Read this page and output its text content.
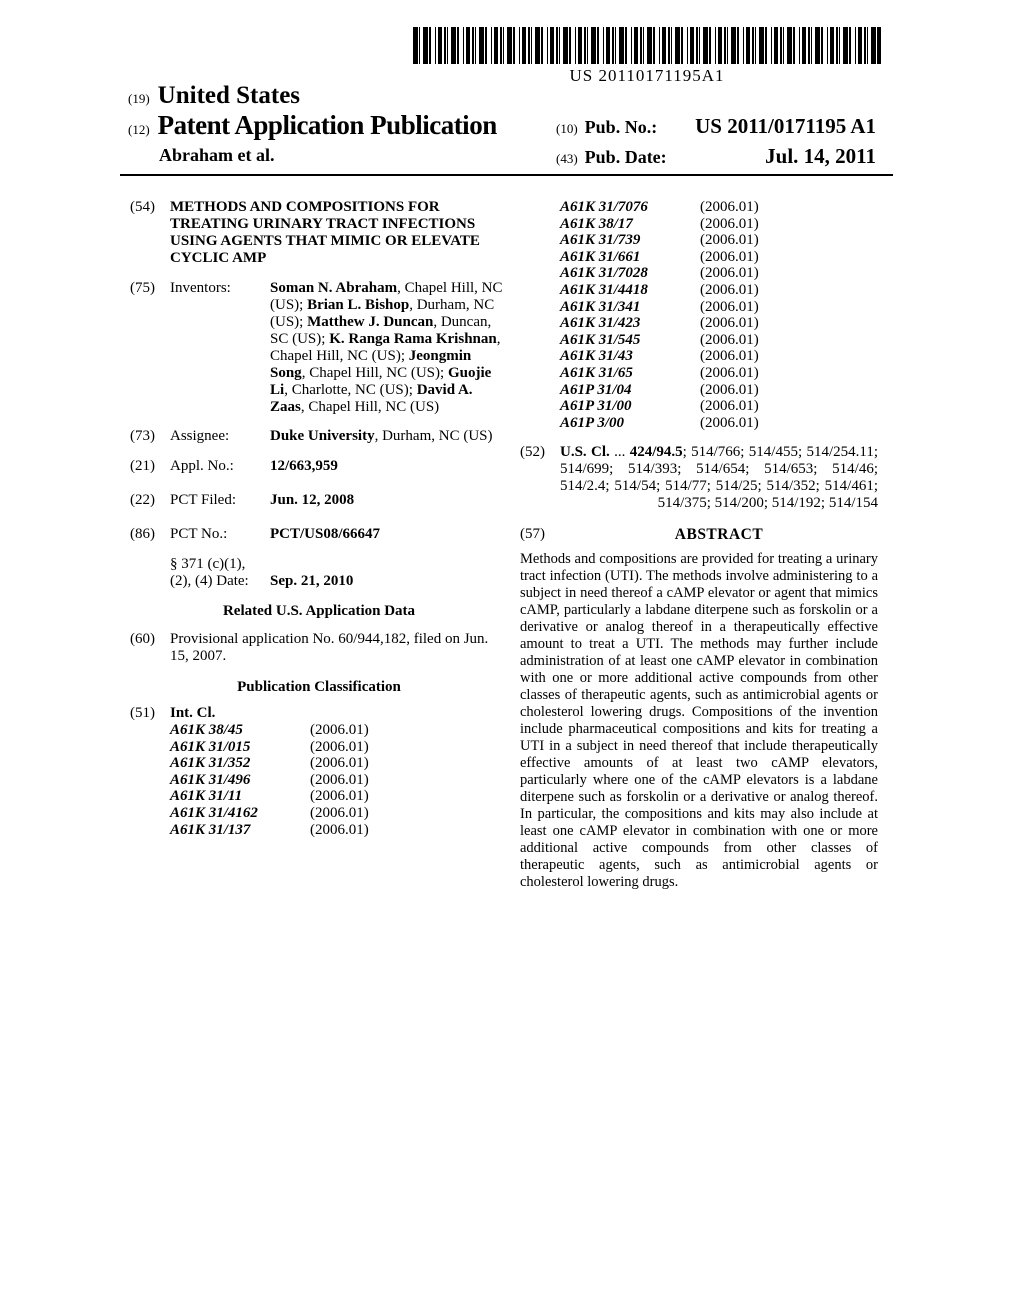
US 20110171195A1
(19) United States
(12) Patent Application Publication
Abraham et al.
(10) Pub. No.: US 2011/0171195 A1
(43) Pub. Date:	Jul. 14, 2011
(54)	METHODS AND COMPOSITIONS FOR TREATING URINARY TRACT INFECTIONS USING AGENTS THAT MIMIC OR ELEVATE CYCLIC AMP
(75)	Inventors:	Soman N. Abraham, Chapel Hill, NC (US); Brian L. Bishop, Durham, NC (US); Matthew J. Duncan, Duncan, SC (US); K. Ranga Rama Krishnan, Chapel Hill, NC (US); Jeongmin Song, Chapel Hill, NC (US); Guojie Li, Charlotte, NC (US); David A. Zaas, Chapel Hill, NC (US)
(73)	Assignee:	Duke University, Durham, NC (US)
(21)	Appl. No.:	12/663,959
(22)	PCT Filed:	Jun. 12, 2008
(86)	PCT No.:	PCT/US08/66647
§ 371 (c)(1),
(2), (4) Date:	Sep. 21, 2010
Related U.S. Application Data
(60)	Provisional application No. 60/944,182, filed on Jun. 15, 2007.
Publication Classification
(51)	Int. Cl.
A61K 38/45	(2006.01)
A61K 31/015	(2006.01)
A61K 31/352	(2006.01)
A61K 31/496	(2006.01)
A61K 31/11	(2006.01)
A61K 31/4162	(2006.01)
A61K 31/137	(2006.01)
A61K 31/7076	(2006.01)
A61K 38/17	(2006.01)
A61K 31/739	(2006.01)
A61K 31/661	(2006.01)
A61K 31/7028	(2006.01)
A61K 31/4418	(2006.01)
A61K 31/341	(2006.01)
A61K 31/423	(2006.01)
A61K 31/545	(2006.01)
A61K 31/43	(2006.01)
A61K 31/65	(2006.01)
A61P 31/04	(2006.01)
A61P 31/00	(2006.01)
A61P 3/00	(2006.01)
(52)	U.S. Cl. ... 424/94.5; 514/766; 514/455; 514/254.11; 514/699; 514/393; 514/654; 514/653; 514/46; 514/2.4; 514/54; 514/77; 514/25; 514/352; 514/461; 514/375; 514/200; 514/192; 514/154
(57)	ABSTRACT
Methods and compositions are provided for treating a urinary tract infection (UTI). The methods involve administering to a subject in need thereof a cAMP elevator or agent that mimics cAMP, particularly a labdane diterpene such as forskolin or a derivative or analog thereof in a therapeutically effective amount to treat a UTI. The methods may further include administration of at least one cAMP elevator in combination with one or more additional active compounds from other classes of therapeutic agents, such as antimicrobial agents or cholesterol lowering drugs. Compositions of the invention include pharmaceutical compositions and kits for treating a UTI in a subject in need thereof that include therapeutically effective amounts of at least two cAMP elevators, particularly where one of the cAMP elevators is a labdane diterpene such as forskolin or a derivative or analog thereof. In particular, the compositions and kits may also include at least one cAMP elevator in combination with one or more additional active compounds from other classes of therapeutic agents, such as antimicrobial agents or cholesterol lowering drugs.
